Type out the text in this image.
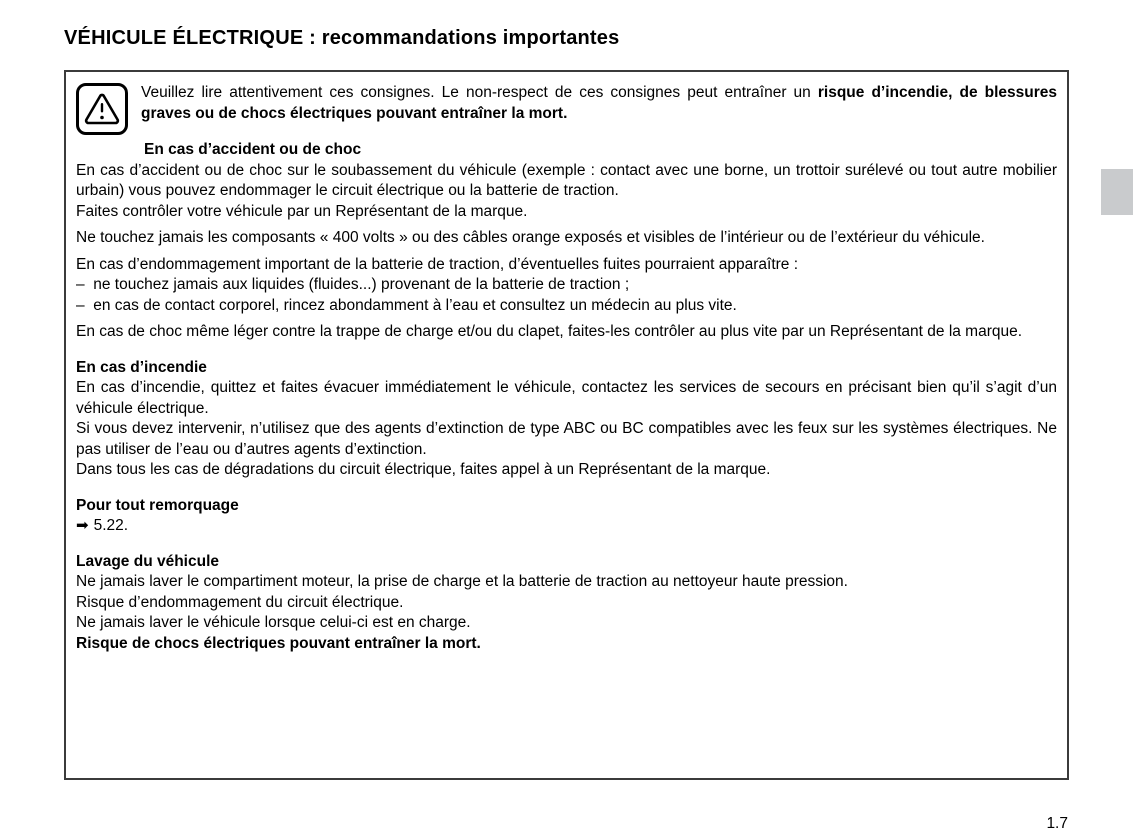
VÉHICULE ÉLECTRIQUE : recommandations importantes

Veuillez lire attentivement ces consignes. Le non-respect de ces consignes peut entraîner un risque d’incendie, de blessures graves ou de chocs électriques pouvant entraîner la mort.

En cas d’accident ou de choc
En cas d’accident ou de choc sur le soubassement du véhicule (exemple : contact avec une borne, un trottoir surélevé ou tout autre mobilier urbain) vous pouvez endommager le circuit électrique ou la batterie de traction.
Faites contrôler votre véhicule par un Représentant de la marque.
Ne touchez jamais les composants « 400 volts » ou des câbles orange exposés et visibles de l’intérieur ou de l’extérieur du véhicule.
En cas d’endommagement important de la batterie de traction, d’éventuelles fuites pourraient apparaître :
–  ne touchez jamais aux liquides (fluides...) provenant de la batterie de traction ;
–  en cas de contact corporel, rincez abondamment à l’eau et consultez un médecin au plus vite.
En cas de choc même léger contre la trappe de charge et/ou du clapet, faites-les contrôler au plus vite par un Représentant de la marque.
En cas d’incendie
En cas d’incendie, quittez et faites évacuer immédiatement le véhicule, contactez les services de secours en précisant bien qu’il s’agit d’un véhicule électrique.
Si vous devez intervenir, n’utilisez que des agents d’extinction de type ABC ou BC compatibles avec les feux sur les systèmes électriques. Ne pas utiliser de l’eau ou d’autres agents d’extinction.
Dans tous les cas de dégradations du circuit électrique, faites appel à un Représentant de la marque.
Pour tout remorquage
➡ 5.22.
Lavage du véhicule
Ne jamais laver le compartiment moteur, la prise de charge et la batterie de traction au nettoyeur haute pression.
Risque d’endommagement du circuit électrique.
Ne jamais laver le véhicule lorsque celui-ci est en charge.
Risque de chocs électriques pouvant entraîner la mort.
1.7
